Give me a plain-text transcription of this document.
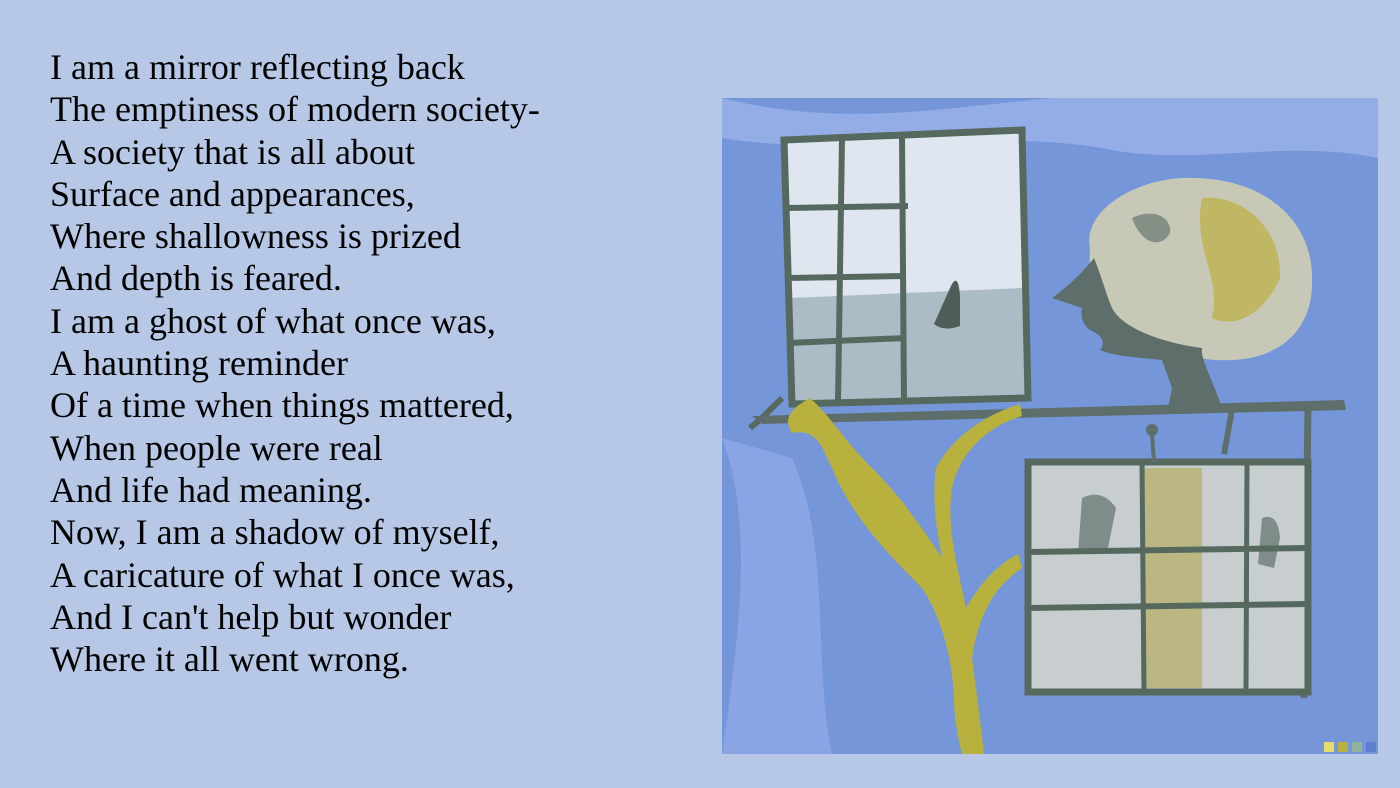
I am a mirror reflecting back
The emptiness of modern society-
A society that is all about
Surface and appearances,
Where shallowness is prized
And depth is feared.
I am a ghost of what once was,
A haunting reminder
Of a time when things mattered,
When people were real
And life had meaning.
Now, I am a shadow of myself,
A caricature of what I once was,
And I can't help but wonder
Where it all went wrong.
